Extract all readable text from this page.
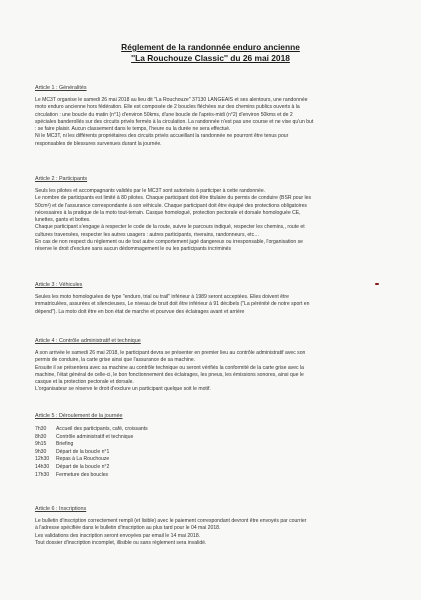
Réglement de la randonnée enduro ancienne
''La Rouchouze Classic'' du 26 mai 2018
Article 1 : Généralités

Le MC3T organise le samedi 26 mai 2018 au lieu dit "La Rouchouze" 37130 LANGEAIS et ses alentours, une randonnée

moto enduro ancienne hors fédération. Elle est composée de 2 boucles fléchées sur des chemins publics ouverts à la

circulation : une boucle du matin (n°1) d'environ 50kms, d'une boucle de l'après-midi (n°2) d'environ 50kms et de 2

spéciales banderollés sur des circuits privés fermés à la circulation. La randonnée n'est pas une course et ne vise qu'un but

: se faire plaisir. Aucun classement dans le temps, l'heure ou la durée ne sera effectué.

Ni le MC3T, ni les différents propriétaires des circuits privés accueillant la randonnée ne pourront être tenus pour

responsables de blessures survenues durant la journée.

Article 2 : Participants

Seuls les pilotes et accompagnants validés par le MC3T sont autorisés à participer à cette randonnée.

Le nombre de participants est limité à 80 pilotes. Chaque participant doit être titulaire du permis de conduire (BSR pour les

50cm³) et de l'assurance correspondante à son véhicule. Chaque participant doit être équipé des protections obligatoires

nécessaires à la pratique de la moto tout-terrain. Casque homologué, protection pectorale et dorsale homologuée CE,

lunettes, gants et bottes.

Chaque participant s'engage à respecter le code de la route, suivre le parcours indiqué, respecter les chemins,, route et

cultures traversées, respecter les autres usagers : autres participants, riverains, randonneurs, etc…

En cas de non respect du règlement ou de tout autre comportement jugé dangereux ou irresponsable, l'organisation se

réserve le droit d'exclure sans aucun dédommagement le ou les participants incriminés

Article 3 : Véhicules

Seules les moto homologuées de type "enduro, trial ou trail" inférieur à 1989 seront acceptées. Elles doivent être

immatriculées, assurées et silencieuses, Le niveau de bruit doit être inférieur à 91 décibels ("La pérénité de notre sport en

dépend"). La moto doit être en bon état de marche et pourvue des éclairages avant et arrière

Article 4 : Contrôle administratif et technique

A son arrivée le samedi 26 mai 2018, le participant devra se présenter en premier lieu au contrôle administratif avec son

permis de conduire, la carte grise ainsi que l'assurance de sa machine.

Ensuite il se présentera avec sa machine au contrôle technique ou seront vérifiés la conformité de la carte grise avec la

machine, l'état général de celle-ci, le bon fonctionnement des éclairages, les pneus, les émissions sonores, ainsi que le

casque et la protection pectorale et dorsale.

L'organisateur se réserve le droit d'exclure un participant quelque soit le motif.

Article 5 : Déroulement de la journée
7h30	Accueil des participants, café, croissants
8h30	Contrôle administratif et technique
9h15	Briefing
9h30	Départ de la boucle n°1
12h30	Repas à La Rouchouze
14h30	Départ de la boucle n°2
17h30	Fermeture des boucles
Article 6 : Inscriptions

Le bulletin d'inscription correctement rempli (et lisible) avec le paiement correspondant devront être envoyés par courrier

à l'adresse spécifiée dans le bulletin d'inscription au plus tard pour le 04 mai 2018.

Les validations des inscription seront envoyées par email le 14 mai 2018.

Tout dossier d'inscription incomplet, illisible ou sans règlement sera invalidé.
